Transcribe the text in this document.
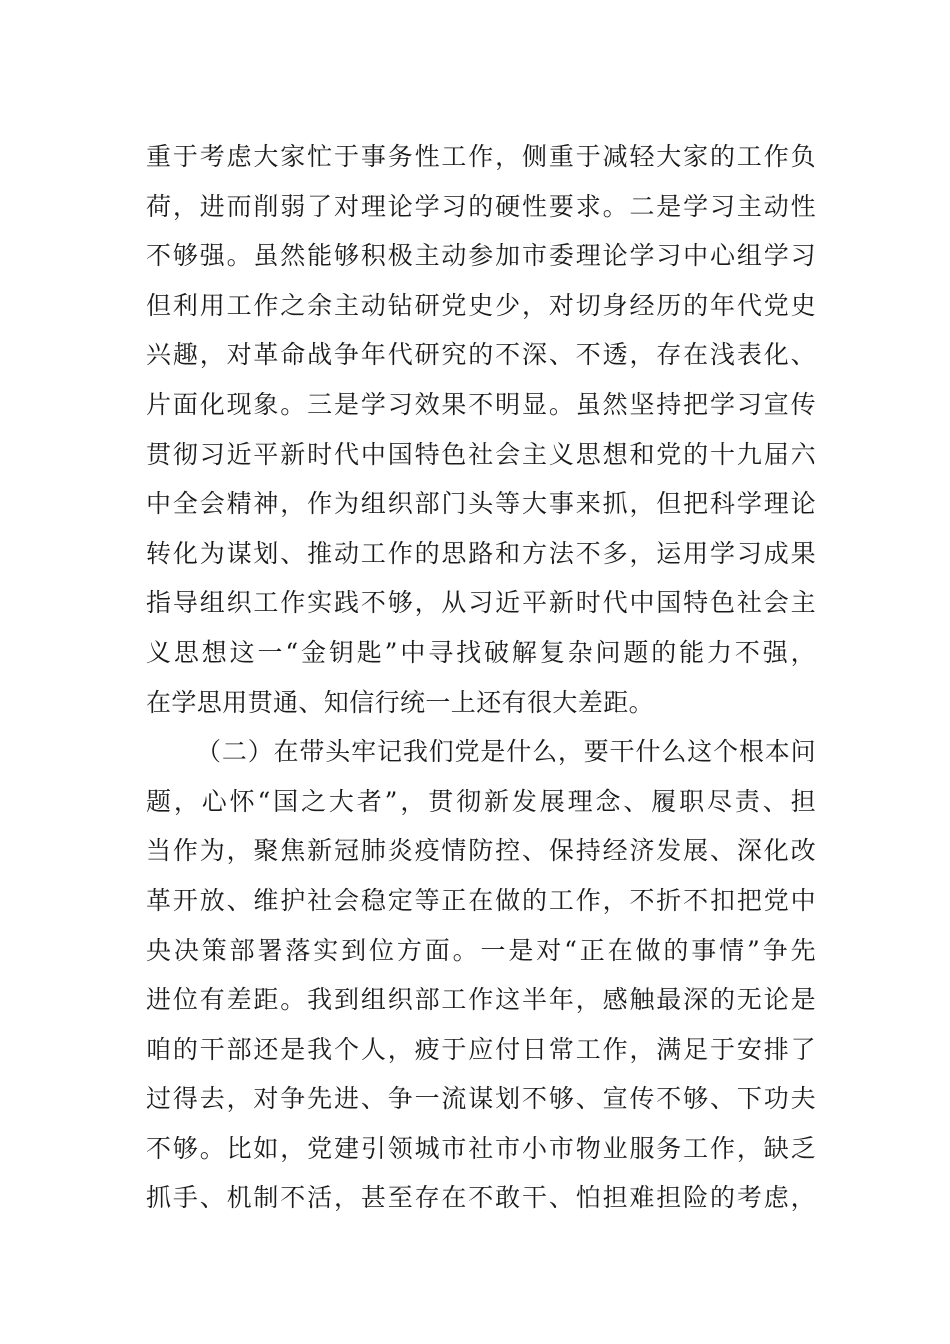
重于考虑大家忙于事务性工作，侧重于减轻大家的工作负
荷，进而削弱了对理论学习的硬性要求。二是学习主动性
不够强。虽然能够积极主动参加市委理论学习中心组学习
但利用工作之余主动钻研党史少，对切身经历的年代党史
兴趣，对革命战争年代研究的不深、不透，存在浅表化、
片面化现象。三是学习效果不明显。虽然坚持把学习宣传
贯彻习近平新时代中国特色社会主义思想和党的十九届六
中全会精神，作为组织部门头等大事来抓，但把科学理论
转化为谋划、推动工作的思路和方法不多，运用学习成果
指导组织工作实践不够，从习近平新时代中国特色社会主
义思想这一“金钥匙”中寻找破解复杂问题的能力不强，
在学思用贯通、知信行统一上还有很大差距。
（二）在带头牢记我们党是什么，要干什么这个根本问
题，心怀“国之大者”，贯彻新发展理念、履职尽责、担
当作为，聚焦新冠肺炎疫情防控、保持经济发展、深化改
革开放、维护社会稳定等正在做的工作，不折不扣把党中
央决策部署落实到位方面。一是对“正在做的事情”争先
进位有差距。我到组织部工作这半年，感触最深的无论是
咱的干部还是我个人，疲于应付日常工作，满足于安排了
过得去，对争先进、争一流谋划不够、宣传不够、下功夫
不够。比如，党建引领城市社市小市物业服务工作，缺乏
抓手、机制不活，甚至存在不敢干、怕担难担险的考虑，
